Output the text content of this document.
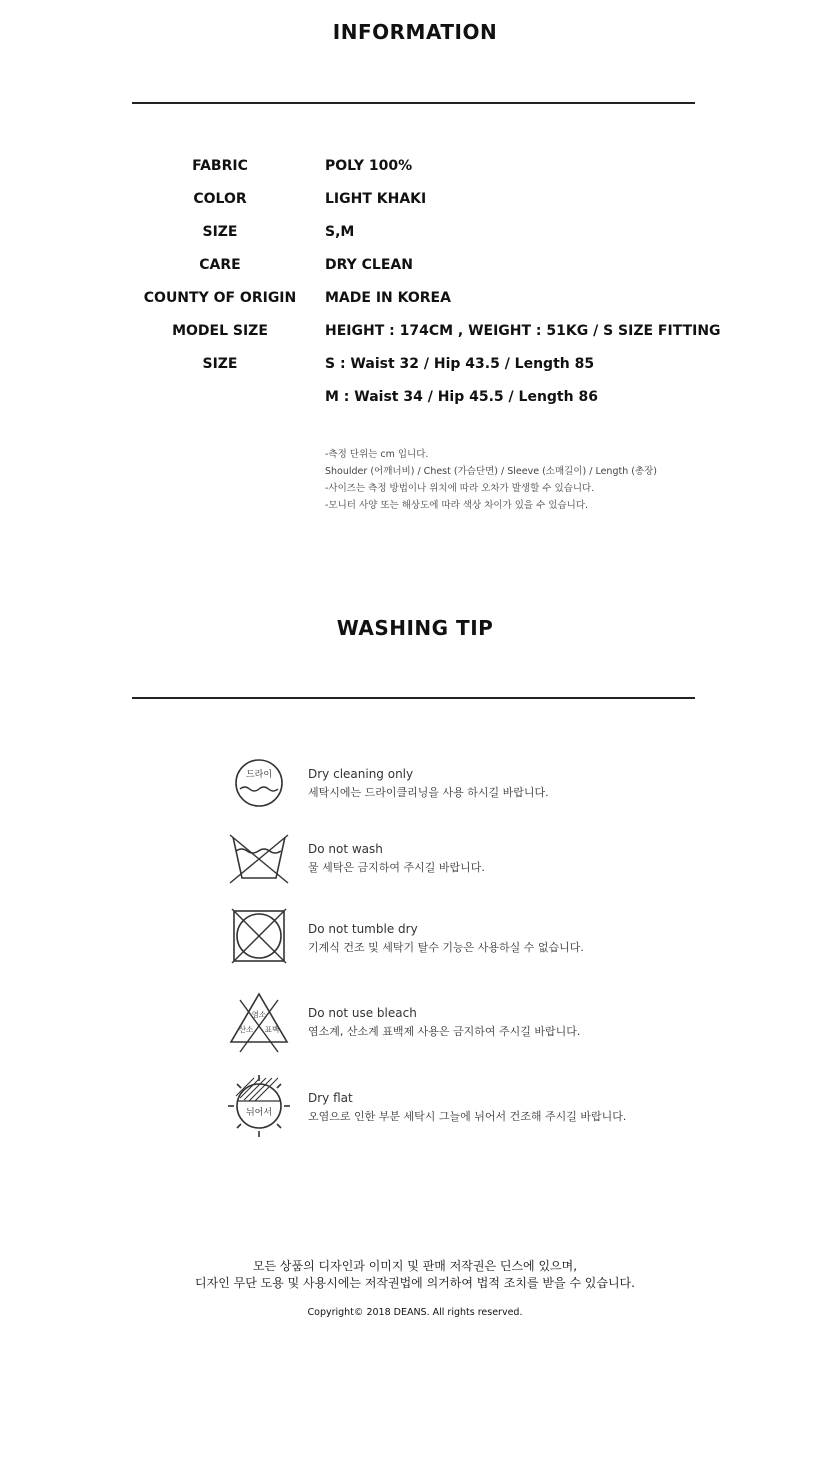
INFORMATION
FABRIC	POLY 100%
COLOR	LIGHT KHAKI
SIZE	S,M
CARE	DRY CLEAN
COUNTY OF ORIGIN	MADE IN KOREA
MODEL SIZE	HEIGHT : 174CM , WEIGHT : 51KG / S SIZE FITTING
SIZE	S : Waist 32 / Hip 43.5 / Length 85
M : Waist 34 / Hip 45.5 / Length 86

-측정 단위는 cm 입니다.

Shoulder (어깨너비) / Chest (가슴단면) / Sleeve (소매길이) / Length (총장)

-사이즈는 측정 방법이나 위치에 따라 오차가 발생할 수 있습니다.

-모니터 사양 또는 해상도에 따라 색상 차이가 있을 수 있습니다.

WASHING TIP
드라이	Dry cleaning only
세탁시에는 드라이클리닝을 사용 하시길 바랍니다.
Do not wash
물 세탁은 금지하여 주시길 바랍니다.
Do not tumble dry
기계식 건조 및 세탁기 탈수 기능은 사용하실 수 없습니다.
염소
산소 표백
Do not use bleach
염소계, 산소계 표백제 사용은 금지하여 주시길 바랍니다.
뉘어서
Dry flat
오염으로 인한 부분 세탁시 그늘에 뉘어서 건조해 주시길 바랍니다.

모든 상품의 디자인과 이미지 및 판매 저작권은 딘스에 있으며,

디자인 무단 도용 및 사용시에는 저작권법에 의거하여 법적 조치를 받을 수 있습니다.

Copyright© 2018 DEANS. All rights reserved.
